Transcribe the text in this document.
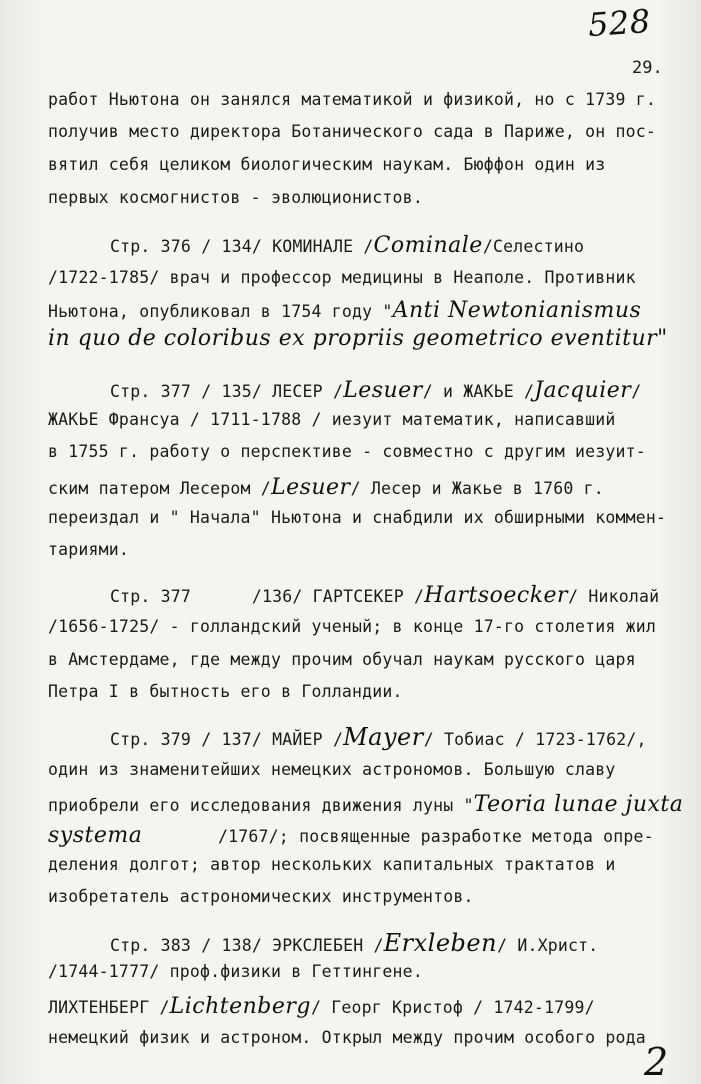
528
29.
работ Ньютона он занялся математикой и физикой, но с 1739 г.
получив место директора Ботанического сада в Париже, он пос-
вятил себя целиком биологическим наукам. Бюффон один из
первых космогнистов - эволюционистов.
Стр. 376 / 134/ КОМИНАЛЕ /Cominale/Селестино
/1722-1785/ врач и профессор медицины в Неаполе. Противник
Ньютона, опубликовал в 1754 году "Anti Newtonianismus
in quo de coloribus ex propriis geometrico eventitur"
Стр. 377 / 135/ ЛЕСЕР /Lesuer/ и ЖАКЬЕ /Jacquier/
ЖАКЬЕ Франсуа / 1711-1788 / иезуит математик, написавший
в 1755 г. работу о перспективе - совместно с другим иезуит-
ским патером Лесером /Lesuer/ Лесер и Жакье в 1760 г.
переиздал и " Начала" Ньютона и снабдили их обширными коммен-
тариями.
Стр. 377      /136/ ГАРТСЕКЕР /Hartsoecker/ Николай
/1656-1725/ - голландский ученый; в конце 17-го столетия жил
в Амстердаме, где между прочим обучал наукам русского царя
Петра I в бытность его в Голландии.
Стр. 379 / 137/ МАЙЕР /Mayer/ Тобиас / 1723-1762/,
один из знаменитейших немецких астрономов. Большую славу
приобрели его исследования движения луны "Teoria lunae juxta
systema	/1767/; посвященные разработке метода опре-
деления долгот; автор нескольких капитальных трактатов и
изобретатель астрономических инструментов.
Стр. 383 / 138/ ЭРКСЛЕБЕН /Erxleben/ И.Христ.
/1744-1777/ проф.физики в Геттингене.
ЛИХТЕНБЕРГ /Lichtenberg/ Георг Кристоф / 1742-1799/
немецкий физик и астроном. Открыл между прочим особого рода
2
